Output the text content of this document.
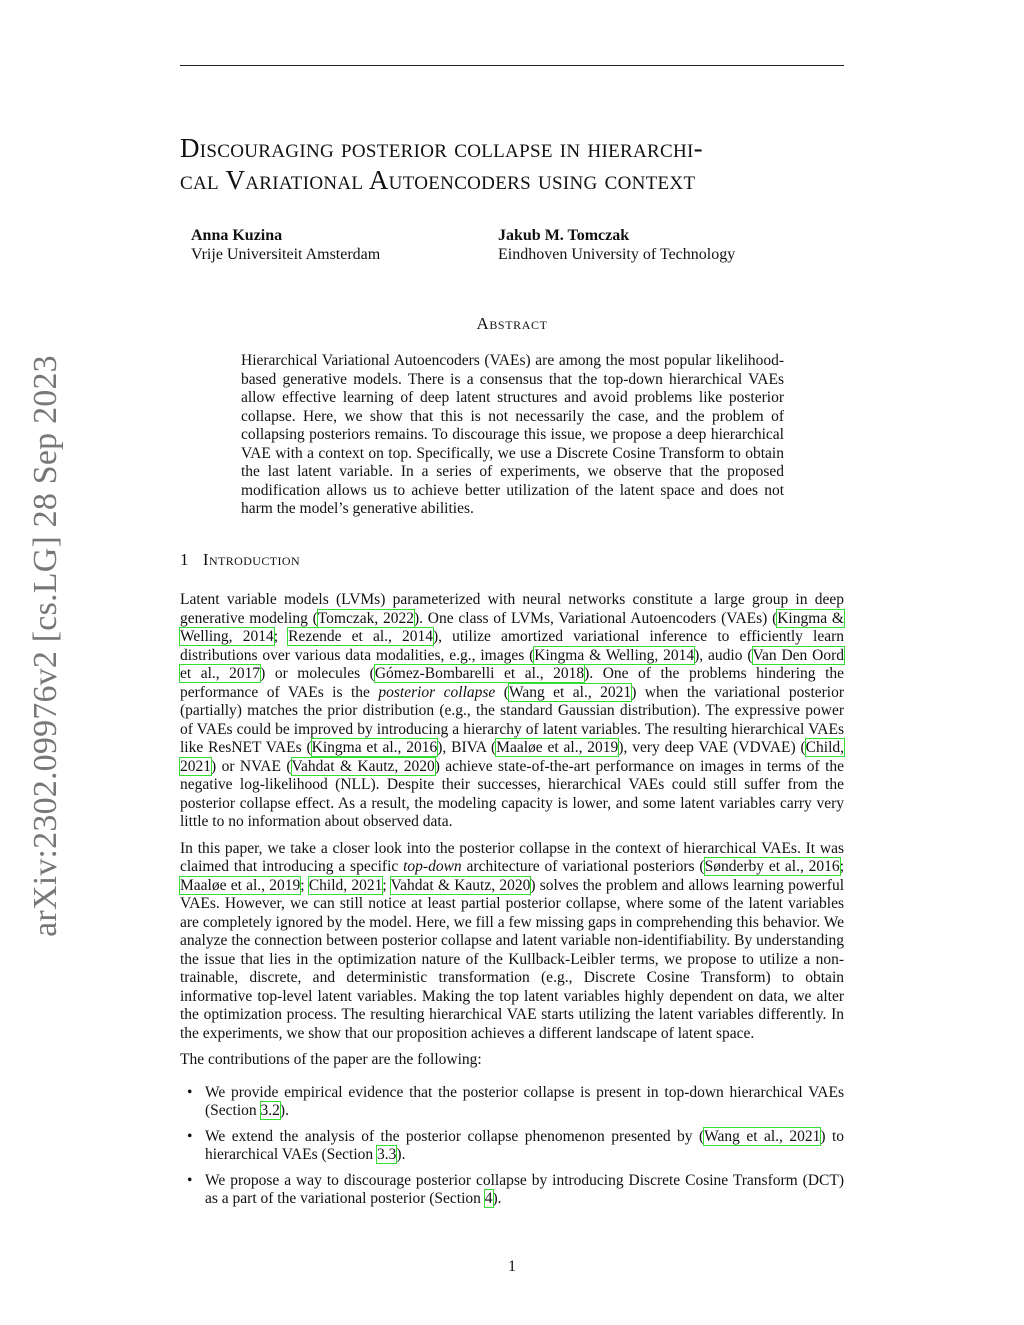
arXiv:2302.09976v2 [cs.LG] 28 Sep 2023
Discouraging posterior collapse in hierarchi-
cal Variational Autoencoders using context
Anna Kuzina
Vrije Universiteit Amsterdam
Jakub M. Tomczak
Eindhoven University of Technology
Abstract

Hierarchical Variational Autoencoders (VAEs) are among the most popular likelihood-based generative models. There is a consensus that the top-down hierarchical VAEs allow effective learning of deep latent structures and avoid problems like posterior collapse. Here, we show that this is not necessarily the case, and the problem of collapsing posteriors remains. To discourage this issue, we propose a deep hierarchical VAE with a context on top. Specifically, we use a Discrete Cosine Transform to obtain the last latent variable. In a series of experiments, we observe that the proposed modification allows us to achieve better utilization of the latent space and does not harm the model’s generative abilities.

1 Introduction

Latent variable models (LVMs) parameterized with neural networks constitute a large group in deep generative modeling (Tomczak, 2022). One class of LVMs, Variational Autoencoders (VAEs) (Kingma & Welling, 2014; Rezende et al., 2014), utilize amortized variational inference to efficiently learn distributions over various data modalities, e.g., images (Kingma & Welling, 2014), audio (Van Den Oord et al., 2017) or molecules (Gómez-Bombarelli et al., 2018). One of the problems hindering the performance of VAEs is the posterior collapse (Wang et al., 2021) when the variational posterior (partially) matches the prior distribution (e.g., the standard Gaussian distribution). The expressive power of VAEs could be improved by introducing a hierarchy of latent variables. The resulting hierarchical VAEs like ResNET VAEs (Kingma et al., 2016), BIVA (Maaløe et al., 2019), very deep VAE (VDVAE) (Child, 2021) or NVAE (Vahdat & Kautz, 2020) achieve state-of-the-art performance on images in terms of the negative log-likelihood (NLL). Despite their successes, hierarchical VAEs could still suffer from the posterior collapse effect. As a result, the modeling capacity is lower, and some latent variables carry very little to no information about observed data.

In this paper, we take a closer look into the posterior collapse in the context of hierarchical VAEs. It was claimed that introducing a specific top-down architecture of variational posteriors (Sønderby et al., 2016; Maaløe et al., 2019; Child, 2021; Vahdat & Kautz, 2020) solves the problem and allows learning powerful VAEs. However, we can still notice at least partial posterior collapse, where some of the latent variables are completely ignored by the model. Here, we fill a few missing gaps in comprehending this behavior. We analyze the connection between posterior collapse and latent variable non-identifiability. By understanding the issue that lies in the optimization nature of the Kullback-Leibler terms, we propose to utilize a non-trainable, discrete, and deterministic transformation (e.g., Discrete Cosine Transform) to obtain informative top-level latent variables. Making the top latent variables highly dependent on data, we alter the optimization process. The resulting hierarchical VAE starts utilizing the latent variables differently. In the experiments, we show that our proposition achieves a different landscape of latent space.

The contributions of the paper are the following:

• We provide empirical evidence that the posterior collapse is present in top-down hierarchical VAEs (Section 3.2).
• We extend the analysis of the posterior collapse phenomenon presented by (Wang et al., 2021) to hierarchical VAEs (Section 3.3).
• We propose a way to discourage posterior collapse by introducing Discrete Cosine Transform (DCT) as a part of the variational posterior (Section 4).
1
